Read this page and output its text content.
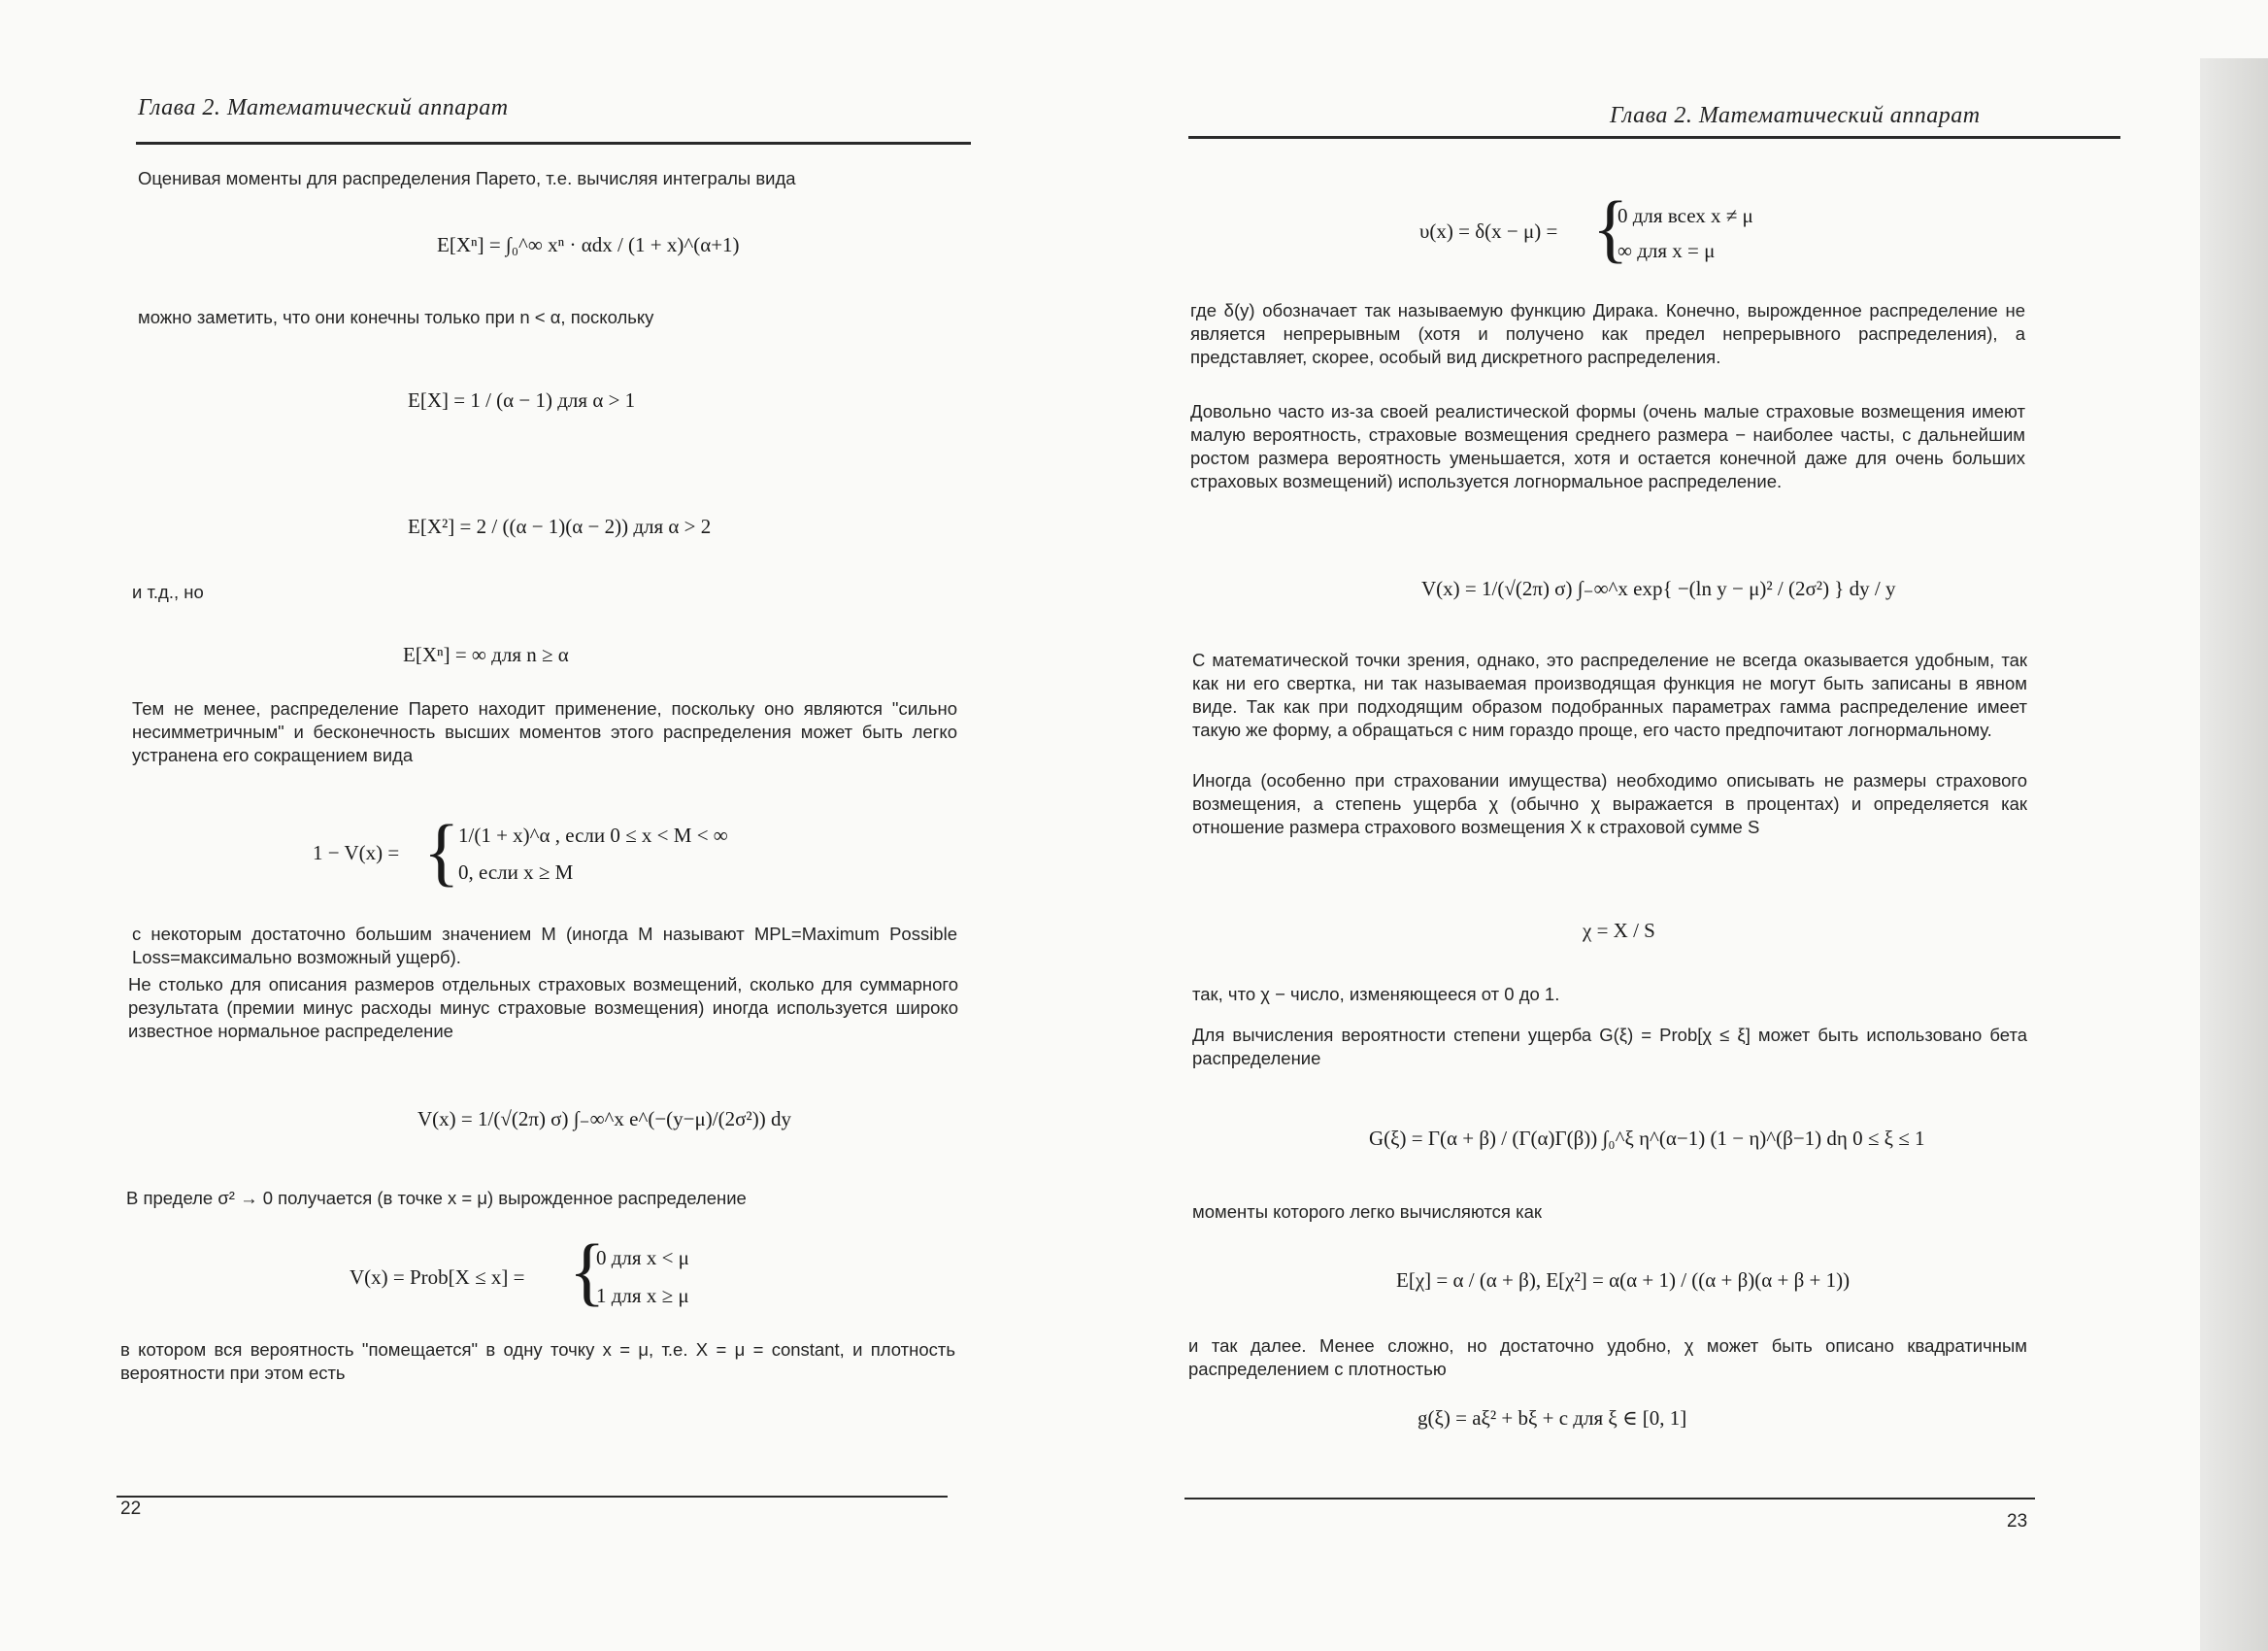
Глава 2. Математический аппарат
Оценивая моменты для распределения Парето, т.е. вычисляя интегралы вида
E[Xⁿ] = ∫₀^∞ xⁿ · αdx / (1 + x)^(α+1)
можно заметить, что они конечны только при n < α, поскольку
E[X] = 1 / (α − 1) для α > 1
E[X²] = 2 / ((α − 1)(α − 2)) для α > 2
и т.д., но
E[Xⁿ] = ∞ для n ≥ α
Тем не менее, распределение Парето находит применение, поскольку оно являются "сильно несимметричным" и бесконечность высших моментов этого распределения может быть легко устранена его сокращением вида
1 − V(x) = {
1/(1 + x)^α , если 0 ≤ x < M < ∞
0, если x ≥ M
с некоторым достаточно большим значением M (иногда M называют MPL=Maximum Possible Loss=максимально возможный ущерб).
Не столько для описания размеров отдельных страховых возмещений, сколько для суммарного результата (премии минус расходы минус страховые возмещения) иногда используется широко известное нормальное распределение
V(x) = 1/(√(2π) σ) ∫₋∞^x e^(−(y−μ)/(2σ²)) dy
В пределе σ² → 0 получается (в точке x = μ) вырожденное распределение
V(x) = Prob[X ≤ x] = {
0 для x < μ
1 для x ≥ μ
в котором вся вероятность "помещается" в одну точку x = μ, т.е. X = μ = constant, и плотность вероятности при этом есть
22
Глава 2. Математический аппарат
υ(x) = δ(x − μ) = {
0 для всех x ≠ μ
∞ для x = μ
где δ(y) обозначает так называемую функцию Дирака. Конечно, вырожденное распределение не является непрерывным (хотя и получено как предел непрерывного распределения), а представляет, скорее, особый вид дискретного распределения.
Довольно часто из-за своей реалистической формы (очень малые страховые возмещения имеют малую вероятность, страховые возмещения среднего размера − наиболее часты, с дальнейшим ростом размера вероятность уменьшается, хотя и остается конечной даже для очень больших страховых возмещений) используется логнормальное распределение.
V(x) = 1/(√(2π) σ) ∫₋∞^x exp{ −(ln y − μ)² / (2σ²) } dy / y
С математической точки зрения, однако, это распределение не всегда оказывается удобным, так как ни его свертка, ни так называемая производящая функция не могут быть записаны в явном виде. Так как при подходящим образом подобранных параметрах гамма распределение имеет такую же форму, а обращаться с ним гораздо проще, его часто предпочитают логнормальному.
Иногда (особенно при страховании имущества) необходимо описывать не размеры страхового возмещения, а степень ущерба χ (обычно χ выражается в процентах) и определяется как отношение размера страхового возмещения X к страховой сумме S
χ = X / S
так, что χ − число, изменяющееся от 0 до 1.
Для вычисления вероятности степени ущерба G(ξ) = Prob[χ ≤ ξ] может быть использовано бета распределение
G(ξ) = Γ(α + β) / (Γ(α)Γ(β)) ∫₀^ξ η^(α−1) (1 − η)^(β−1) dη 0 ≤ ξ ≤ 1
моменты которого легко вычисляются как
E[χ] = α / (α + β), E[χ²] = α(α + 1) / ((α + β)(α + β + 1))
и так далее. Менее сложно, но достаточно удобно, χ может быть описано квадратичным распределением с плотностью
g(ξ) = aξ² + bξ + c для ξ ∈ [0, 1]
23
